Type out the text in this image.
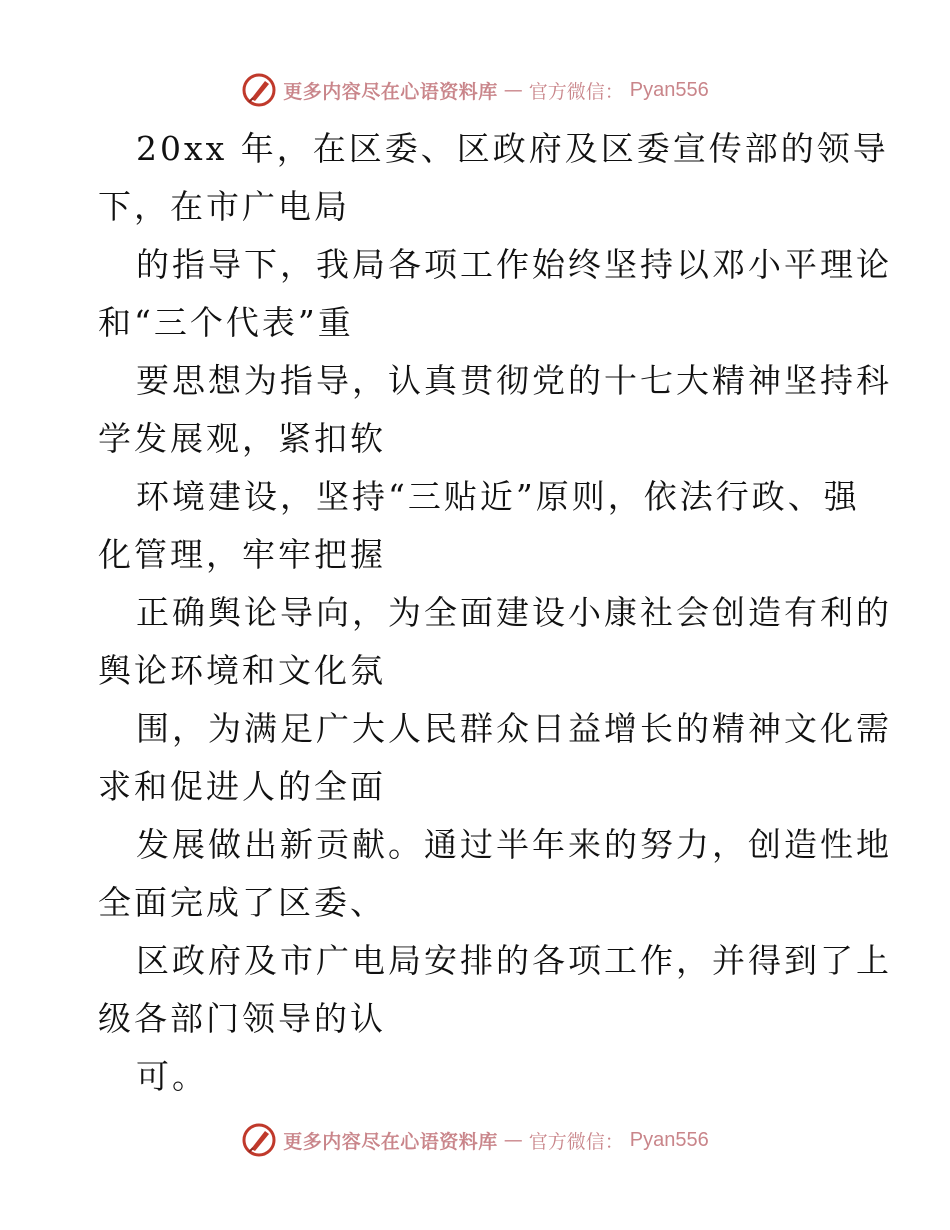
更多内容尽在心语资料库 — 官方微信： Pyan556
20xx 年，在区委、区政府及区委宣传部的领导
下，在市广电局
的指导下，我局各项工作始终坚持以邓小平理论
和“三个代表”重
要思想为指导，认真贯彻党的十七大精神坚持科
学发展观，紧扣软
环境建设，坚持“三贴近”原则，依法行政、强
化管理，牢牢把握
正确舆论导向，为全面建设小康社会创造有利的
舆论环境和文化氛
围，为满足广大人民群众日益增长的精神文化需
求和促进人的全面
发展做出新贡献。通过半年来的努力，创造性地
全面完成了区委、
区政府及市广电局安排的各项工作，并得到了上
级各部门领导的认
可。
更多内容尽在心语资料库 — 官方微信： Pyan556
